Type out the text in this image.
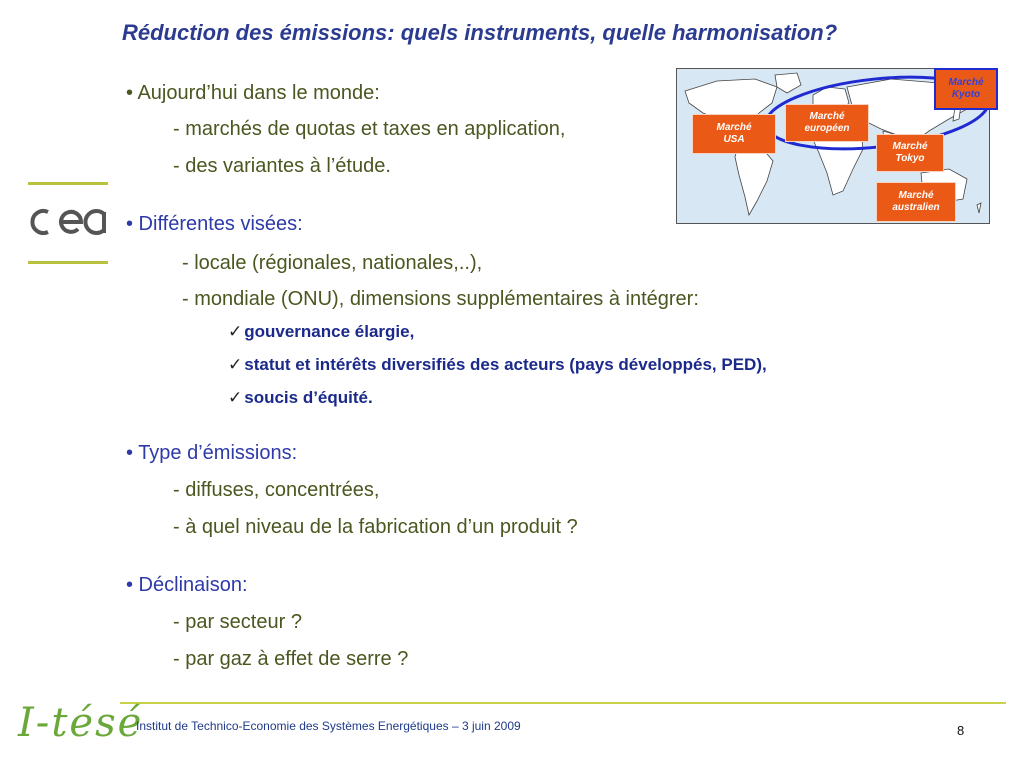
Réduction des émissions: quels instruments, quelle harmonisation?
• Aujourd’hui dans le monde:
- marchés de quotas et taxes en application,
- des variantes à l’étude.
• Différentes visées:
- locale (régionales, nationales,..),
- mondiale (ONU), dimensions supplémentaires à intégrer:
✓ gouvernance élargie,
✓ statut et intérêts diversifiés des acteurs (pays développés, PED),
✓ soucis d’équité.
• Type d’émissions:
- diffuses, concentrées,
- à quel niveau de la fabrication d’un produit ?
• Déclinaison:
- par secteur ?
- par gaz à effet de serre ?
Marché
USA
Marché
européen
Marché
Tokyo
Marché
australien
Marché
Kyoto
I-tésé
Institut de Technico-Economie des Systèmes Energétiques – 3 juin 2009	8
